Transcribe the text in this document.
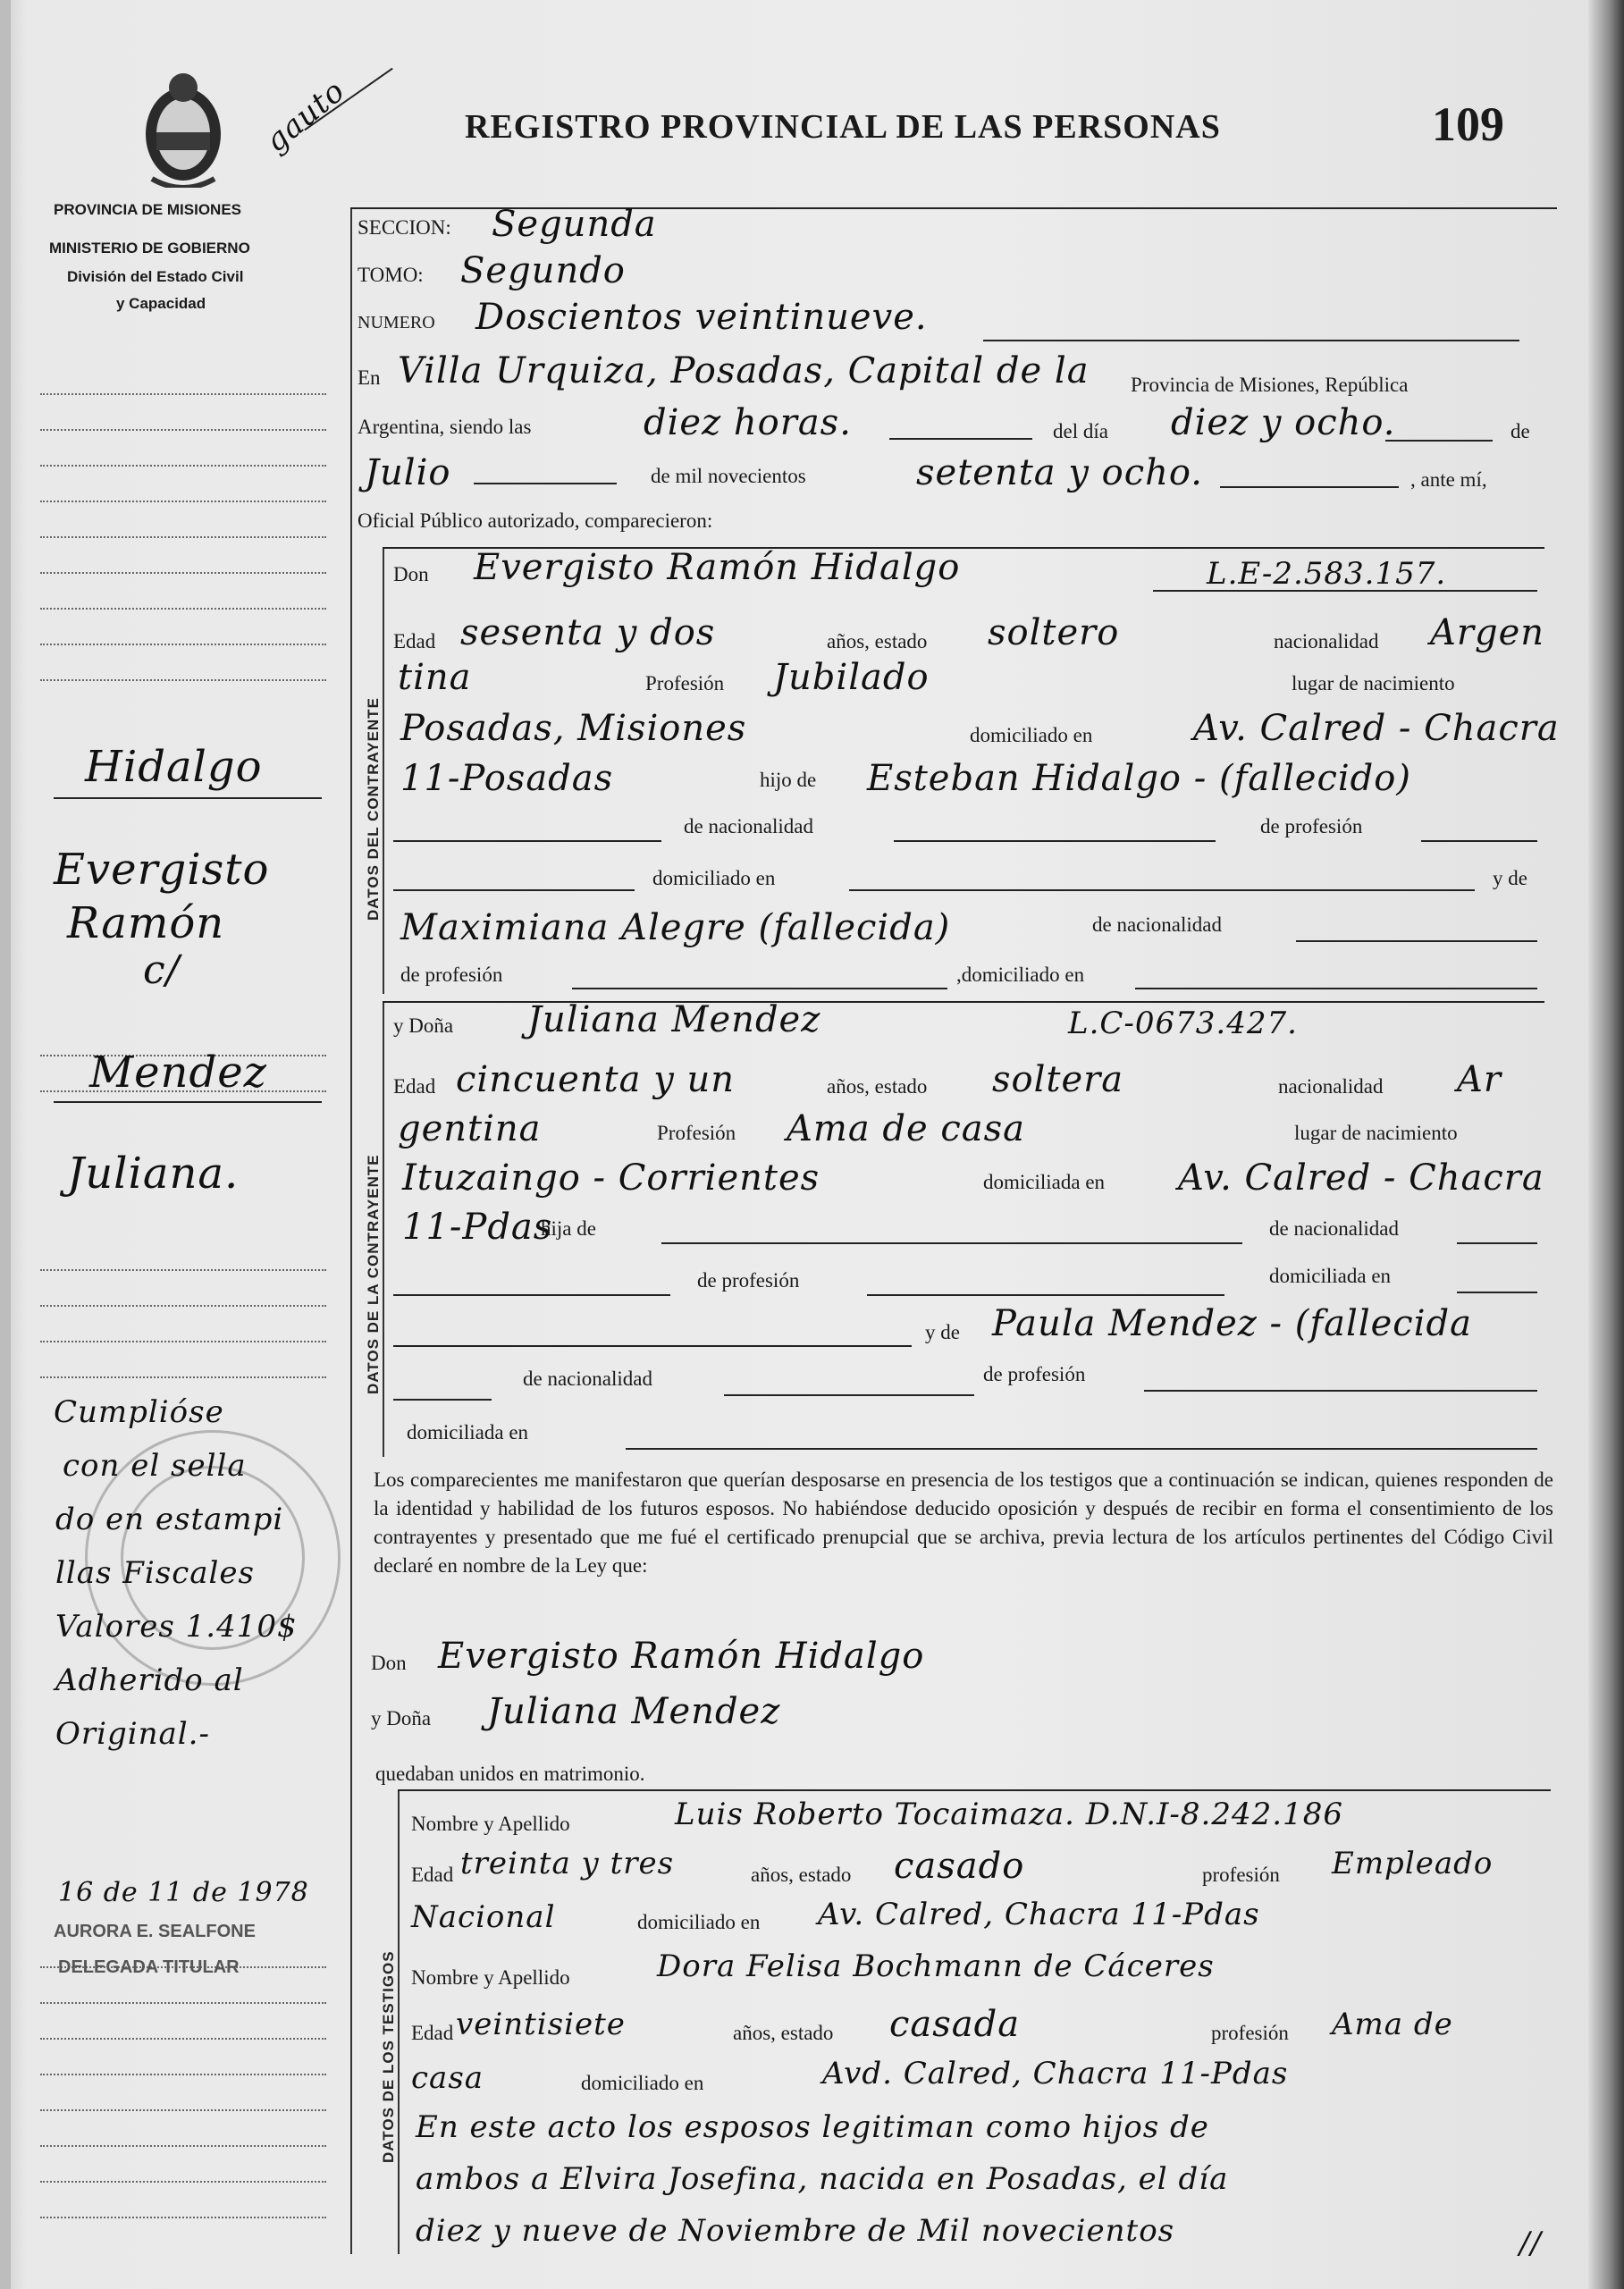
PROVINCIA DE MISIONES
MINISTERIO DE GOBIERNO
División del Estado Civil
y Capacidad
gauto	REGISTRO PROVINCIAL DE LAS PERSONAS	109
SECCION: Segunda
TOMO: Segundo
NUMERO Doscientos veintinueve.
En Villa Urquiza, Posadas, Capital de la Provincia de Misiones, República
Argentina, siendo las	diez horas.	del día diez y ocho.	de
Julio	de mil novecientos	setenta y ocho.	, ante mí,
Oficial Público autorizado, comparecieron:
DATOS DEL CONTRAYENTE
Don Evergisto Ramón Hidalgo	L.E-2.583.157.
Edad sesenta y dos	años, estado soltero	nacionalidad Argen
tina	Profesión Jubilado	lugar de nacimiento
Posadas, Misiones	domiciliado en	Av. Calred - Chacra
11-Posadas	hijo de Esteban Hidalgo - (fallecido)
de nacionalidad	de profesión
domiciliado en	y de
Maximiana Alegre (fallecida)	de nacionalidad
de profesión	,domiciliado en
DATOS DE LA CONTRAYENTE
y Doña Juliana Mendez	L.C-0673.427.
Edad cincuenta y un	años, estado soltera	nacionalidad Ar
gentina	Profesión Ama de casa	lugar de nacimiento
Ituzaingo - Corrientes	domiciliada en Av. Calred - Chacra
11-Pdas
hija de	de nacionalidad
de profesión	domiciliada en
y de Paula Mendez - (fallecida
de nacionalidad	de profesión
domiciliada en
Los comparecientes me manifestaron que querían desposarse en presencia de los testigos que a continuación se indican, quienes responden de la identidad y habilidad de los futuros esposos. No habiéndose deducido oposición y después de recibir en forma el consentimiento de los contrayentes y presentado que me fué el certificado prenupcial que se archiva, previa lectura de los artículos pertinentes del Código Civil declaré en nombre de la Ley que:
Don Evergisto Ramón Hidalgo
y Doña Juliana Mendez
quedaban unidos en matrimonio.
DATOS DE LOS TESTIGOS
Nombre y Apellido	Luis Roberto Tocaimaza. D.N.I-8.242.186
Edad treinta y tres	años, estado casado	profesión Empleado
Nacional	domiciliado en Av. Calred, Chacra 11-Pdas
Nombre y Apellido	Dora Felisa Bochmann de Cáceres
Edad veintisiete	años, estado casada	profesión Ama de
casa	domiciliado en	Avd. Calred, Chacra 11-Pdas
En este acto los esposos legitiman como hijos de
ambos a Elvira Josefina, nacida en Posadas, el día
diez y nueve de Noviembre de Mil novecientos	//
Hidalgo
Evergisto
Ramón
c/
Mendez
Juliana.
Cumplióse
con el sella
do en estampi
llas Fiscales
Valores 1.410$
Adherido al
Original.-
16 de 11 de 1978
AURORA E. SEALFONE
DELEGADA TITULAR
